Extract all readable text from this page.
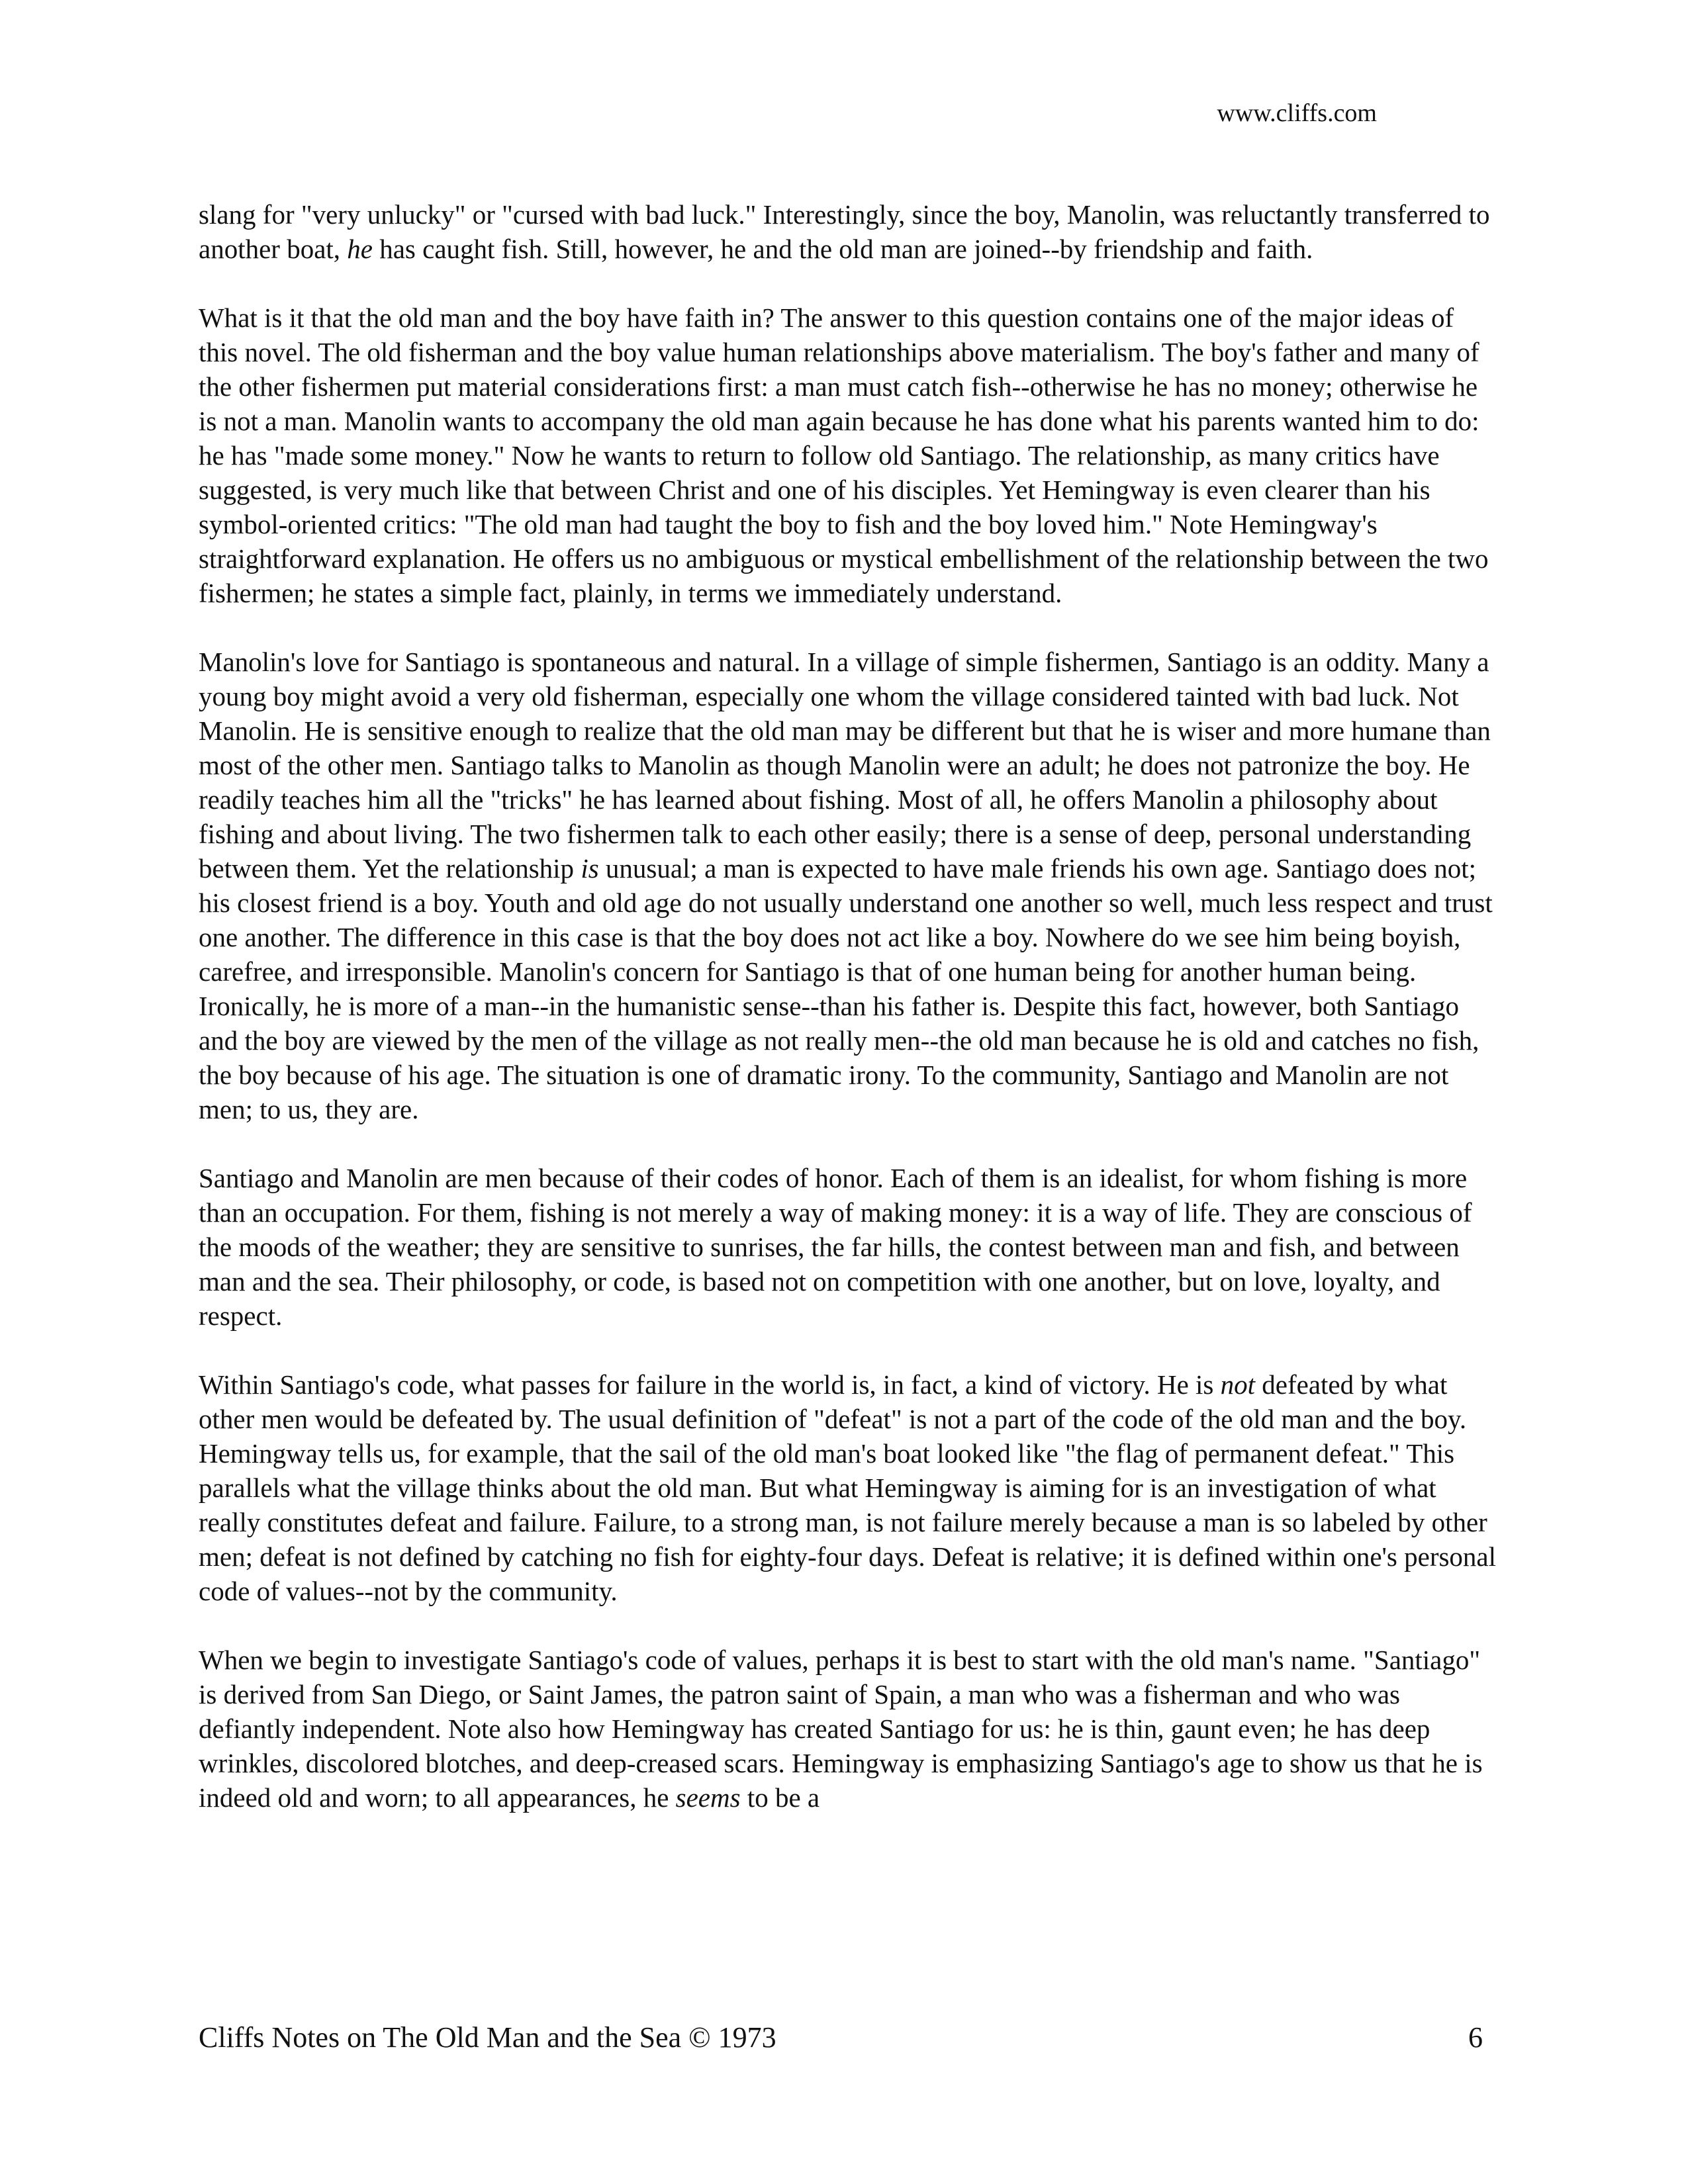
www.cliffs.com

slang for "very unlucky" or "cursed with bad luck." Interestingly, since the boy, Manolin, was reluctantly transferred to another boat, he has caught fish. Still, however, he and the old man are joined--by friendship and faith.

What is it that the old man and the boy have faith in? The answer to this question contains one of the major ideas of this novel. The old fisherman and the boy value human relationships above materialism. The boy's father and many of the other fishermen put material considerations first: a man must catch fish--otherwise he has no money; otherwise he is not a man. Manolin wants to accompany the old man again because he has done what his parents wanted him to do: he has "made some money." Now he wants to return to follow old Santiago. The relationship, as many critics have suggested, is very much like that between Christ and one of his disciples. Yet Hemingway is even clearer than his symbol-oriented critics: "The old man had taught the boy to fish and the boy loved him." Note Hemingway's straightforward explanation. He offers us no ambiguous or mystical embellishment of the relationship between the two fishermen; he states a simple fact, plainly, in terms we immediately understand.

Manolin's love for Santiago is spontaneous and natural. In a village of simple fishermen, Santiago is an oddity. Many a young boy might avoid a very old fisherman, especially one whom the village considered tainted with bad luck. Not Manolin. He is sensitive enough to realize that the old man may be different but that he is wiser and more humane than most of the other men. Santiago talks to Manolin as though Manolin were an adult; he does not patronize the boy. He readily teaches him all the "tricks" he has learned about fishing. Most of all, he offers Manolin a philosophy about fishing and about living. The two fishermen talk to each other easily; there is a sense of deep, personal understanding between them. Yet the relationship is unusual; a man is expected to have male friends his own age. Santiago does not; his closest friend is a boy. Youth and old age do not usually understand one another so well, much less respect and trust one another. The difference in this case is that the boy does not act like a boy. Nowhere do we see him being boyish, carefree, and irresponsible. Manolin's concern for Santiago is that of one human being for another human being. Ironically, he is more of a man--in the humanistic sense--than his father is. Despite this fact, however, both Santiago and the boy are viewed by the men of the village as not really men--the old man because he is old and catches no fish, the boy because of his age. The situation is one of dramatic irony. To the community, Santiago and Manolin are not men; to us, they are.

Santiago and Manolin are men because of their codes of honor. Each of them is an idealist, for whom fishing is more than an occupation. For them, fishing is not merely a way of making money: it is a way of life. They are conscious of the moods of the weather; they are sensitive to sunrises, the far hills, the contest between man and fish, and between man and the sea. Their philosophy, or code, is based not on competition with one another, but on love, loyalty, and respect.

Within Santiago's code, what passes for failure in the world is, in fact, a kind of victory. He is not defeated by what other men would be defeated by. The usual definition of "defeat" is not a part of the code of the old man and the boy. Hemingway tells us, for example, that the sail of the old man's boat looked like "the flag of permanent defeat." This parallels what the village thinks about the old man. But what Hemingway is aiming for is an investigation of what really constitutes defeat and failure. Failure, to a strong man, is not failure merely because a man is so labeled by other men; defeat is not defined by catching no fish for eighty-four days. Defeat is relative; it is defined within one's personal code of values--not by the community.

When we begin to investigate Santiago's code of values, perhaps it is best to start with the old man's name. "Santiago" is derived from San Diego, or Saint James, the patron saint of Spain, a man who was a fisherman and who was defiantly independent. Note also how Hemingway has created Santiago for us: he is thin, gaunt even; he has deep wrinkles, discolored blotches, and deep-creased scars. Hemingway is emphasizing Santiago's age to show us that he is indeed old and worn; to all appearances, he seems to be a

Cliffs Notes on The Old Man and the Sea © 1973	6
